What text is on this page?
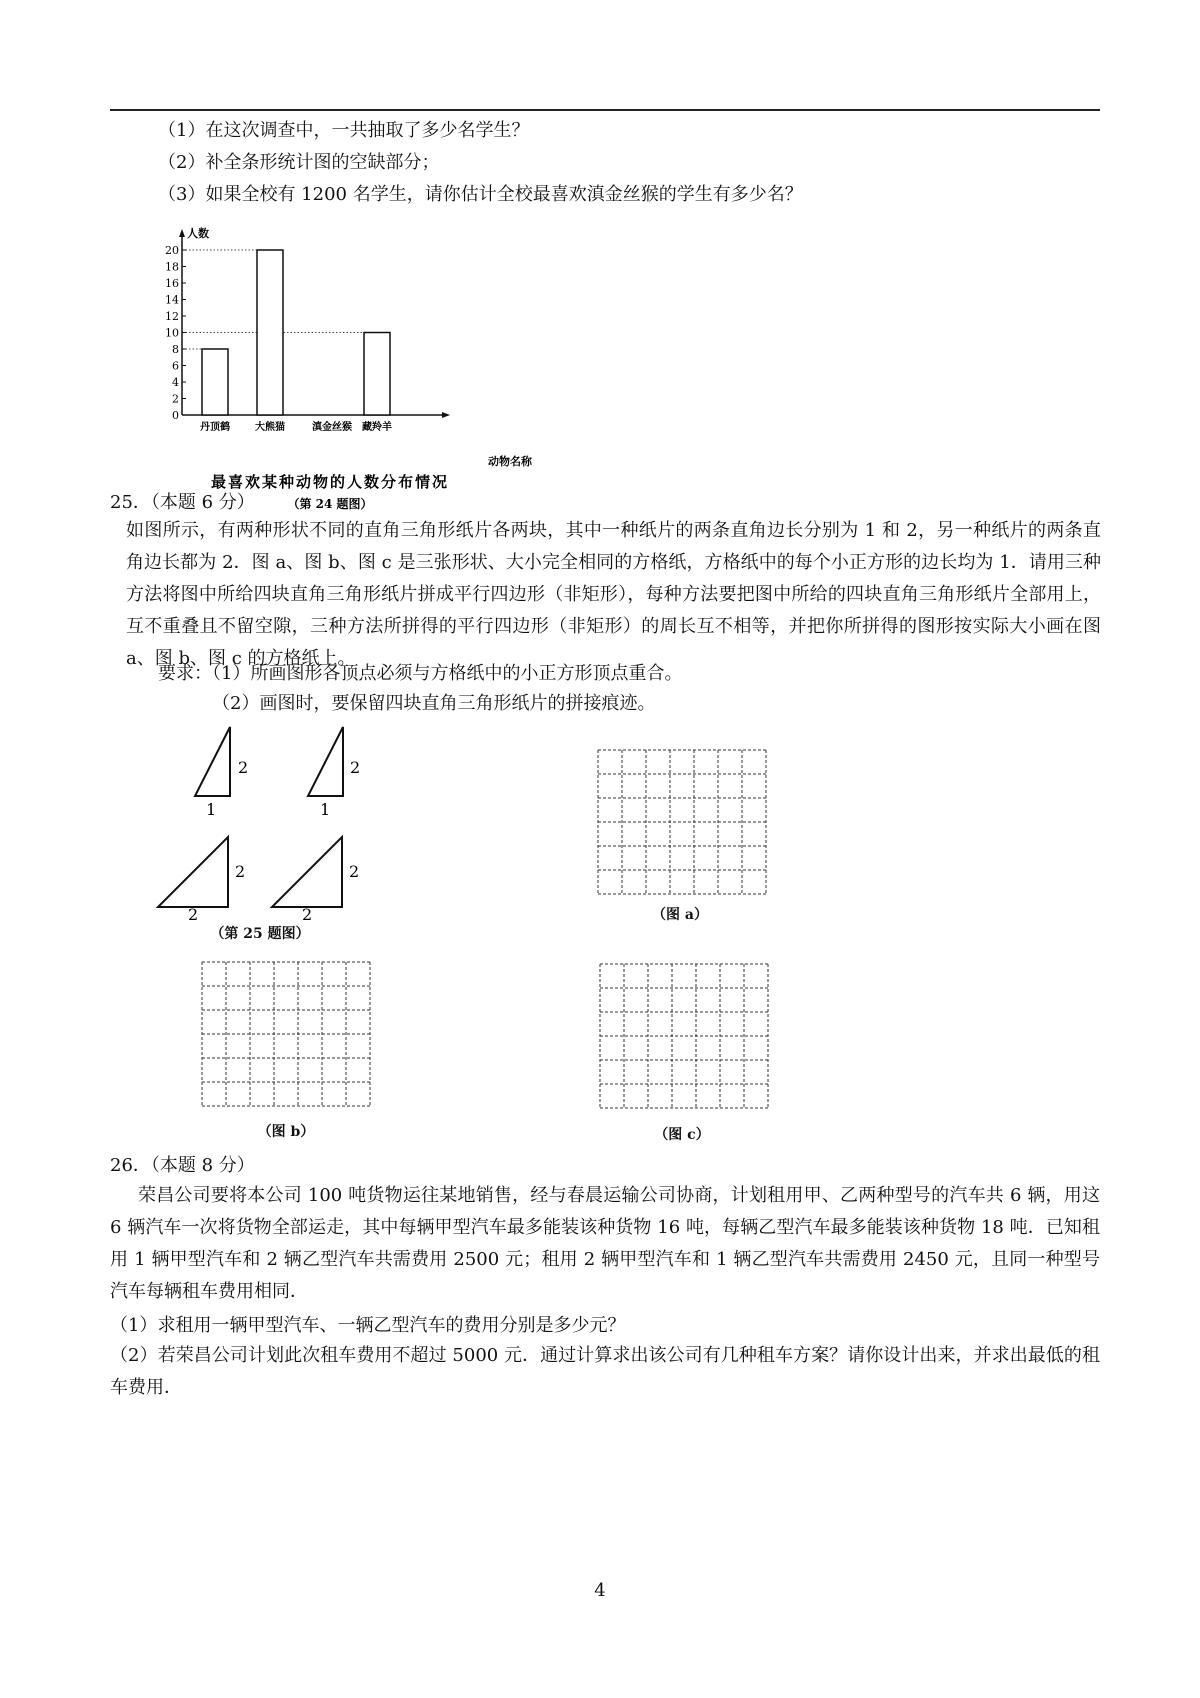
（1）在这次调查中，一共抽取了多少名学生？
（2）补全条形统计图的空缺部分；
（3）如果全校有 1200 名学生，请你估计全校最喜欢滇金丝猴的学生有多少名？
0
2
4
6
8
10
12
14
16
18
20
丹顶鹤	大熊猫	滇金丝猴 藏羚羊
人数
动物名称
最喜欢某种动物的人数分布情况
（第 24 题图）
25．（本题 6 分）
如图所示，有两种形状不同的直角三角形纸片各两块，其中一种纸片的两条直角边长分别为 1 和 2，另一种纸片的两条直角边长都为 2．图 a、图 b、图 c 是三张形状、大小完全相同的方格纸，方格纸中的每个小正方形的边长均为 1．请用三种方法将图中所给四块直角三角形纸片拼成平行四边形（非矩形），每种方法要把图中所给的四块直角三角形纸片全部用上，互不重叠且不留空隙，三种方法所拼得的平行四边形（非矩形）的周长互不相等，并把你所拼得的图形按实际大小画在图 a、图 b、图 c 的方格纸上。
要求：（1）所画图形各顶点必须与方格纸中的小正方形顶点重合。
（2）画图时，要保留四块直角三角形纸片的拼接痕迹。
2
1
2
1
2
2
2
2
（第 25 题图）
（图 a）
（图 b）	（图 c）
26．（本题 8 分）
荣昌公司要将本公司 100 吨货物运往某地销售，经与春晨运输公司协商，计划租用甲、乙两种型号的汽车共 6 辆，用这 6 辆汽车一次将货物全部运走，其中每辆甲型汽车最多能装该种货物 16 吨，每辆乙型汽车最多能装该种货物 18 吨．已知租用 1 辆甲型汽车和 2 辆乙型汽车共需费用 2500 元；租用 2 辆甲型汽车和 1 辆乙型汽车共需费用 2450 元，且同一种型号汽车每辆租车费用相同．
（1）求租用一辆甲型汽车、一辆乙型汽车的费用分别是多少元？
（2）若荣昌公司计划此次租车费用不超过 5000 元．通过计算求出该公司有几种租车方案？请你设计出来，并求出最低的租车费用．
4
